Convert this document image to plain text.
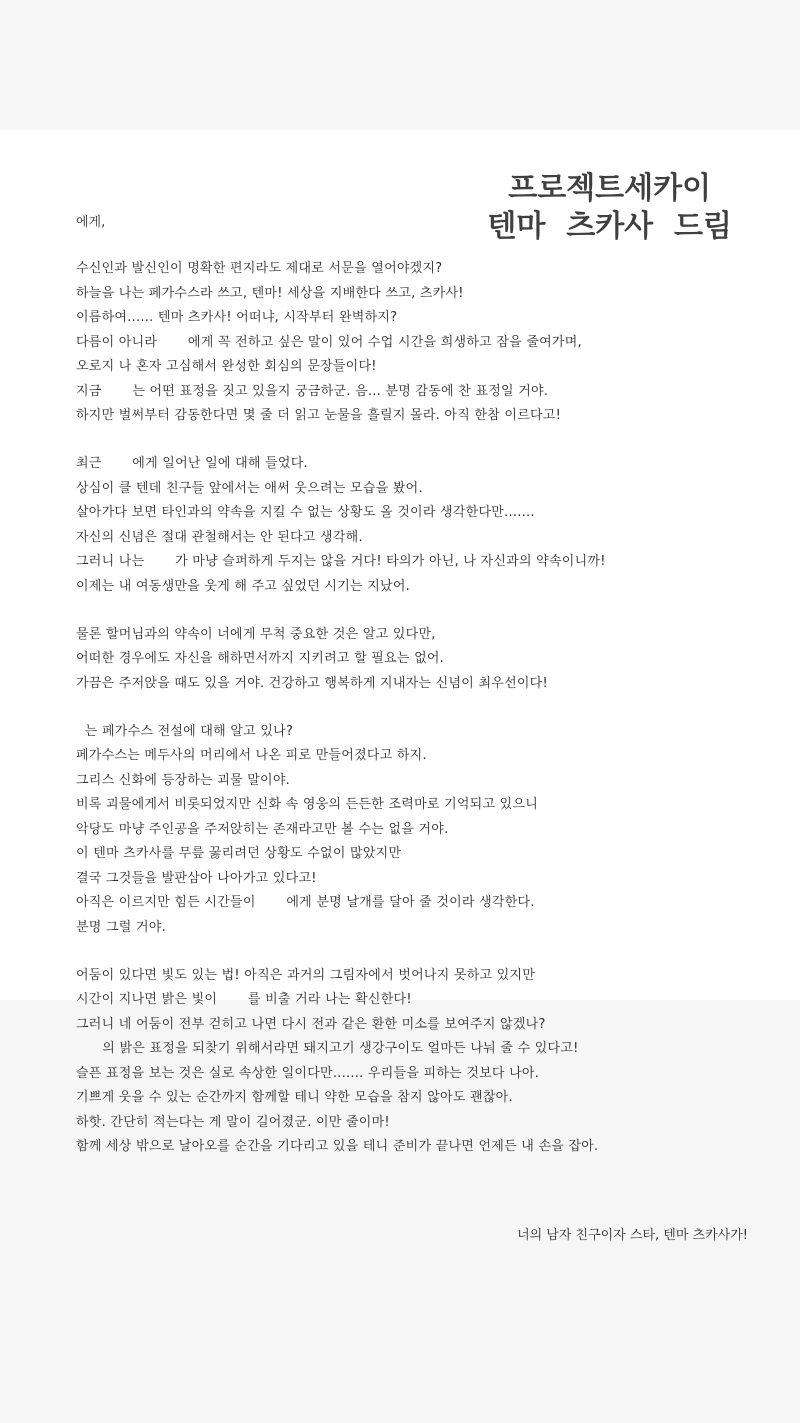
프로젝트세카이
텐마  츠카사  드림
에게,
수신인과 발신인이 명확한 편지라도 제대로 서문을 열어야겠지?
하늘을 나는 페가수스라 쓰고, 텐마! 세상을 지배한다 쓰고, 츠카사!
이름하여...... 텐마 츠카사! 어떠냐, 시작부터 완벽하지?
다름이 아니라       에게 꼭 전하고 싶은 말이 있어 수업 시간을 희생하고 잠을 줄여가며,
오로지 나 혼자 고심해서 완성한 회심의 문장들이다!
지금       는 어떤 표정을 짓고 있을지 궁금하군. 음... 분명 감동에 찬 표정일 거야.
하지만 벌써부터 감동한다면 몇 줄 더 읽고 눈물을 흘릴지 몰라. 아직 한참 이르다고!
최근       에게 일어난 일에 대해 들었다.
상심이 클 텐데 친구들 앞에서는 애써 웃으려는 모습을 봤어.
살아가다 보면 타인과의 약속을 지킬 수 없는 상황도 올 것이라 생각한다만.......
자신의 신념은 절대 관철해서는 안 된다고 생각해.
그러니 나는       가 마냥 슬퍼하게 두지는 않을 거다! 타의가 아닌, 나 자신과의 약속이니까!
이제는 내 여동생만을 웃게 해 주고 싶었던 시기는 지났어.
물론 할머님과의 약속이 너에게 무척 중요한 것은 알고 있다만,
어떠한 경우에도 자신을 해하면서까지 지키려고 할 필요는 없어.
가끔은 주저앉을 때도 있을 거야. 건강하고 행복하게 지내자는 신념이 최우선이다!
는 페가수스 전설에 대해 알고 있나?
페가수스는 메두사의 머리에서 나온 피로 만들어졌다고 하지.
그리스 신화에 등장하는 괴물 말이야.
비록 괴물에게서 비롯되었지만 신화 속 영웅의 든든한 조력마로 기억되고 있으니
악당도 마냥 주인공을 주저앉히는 존재라고만 볼 수는 없을 거야.
이 텐마 츠카사를 무릎 꿇리려던 상황도 수없이 많았지만
결국 그것들을 발판삼아 나아가고 있다고!
아직은 이르지만 힘든 시간들이       에게 분명 날개를 달아 줄 것이라 생각한다.
분명 그럴 거야.
어둠이 있다면 빛도 있는 법! 아직은 과거의 그림자에서 벗어나지 못하고 있지만
시간이 지나면 밝은 빛이       를 비출 거라 나는 확신한다!
그러니 네 어둠이 전부 걷히고 나면 다시 전과 같은 환한 미소를 보여주지 않겠나?
의 밝은 표정을 되찾기 위해서라면 돼지고기 생강구이도 얼마든 나눠 줄 수 있다고!
슬픈 표정을 보는 것은 실로 속상한 일이다만....... 우리들을 피하는 것보다 나아.
기쁘게 웃을 수 있는 순간까지 함께할 테니 약한 모습을 참지 않아도 괜찮아.
하핫. 간단히 적는다는 게 말이 길어졌군. 이만 줄이마!
함께 세상 밖으로 날아오를 순간을 기다리고 있을 테니 준비가 끝나면 언제든 내 손을 잡아.
너의 남자 친구이자 스타, 텐마 츠카사가!
